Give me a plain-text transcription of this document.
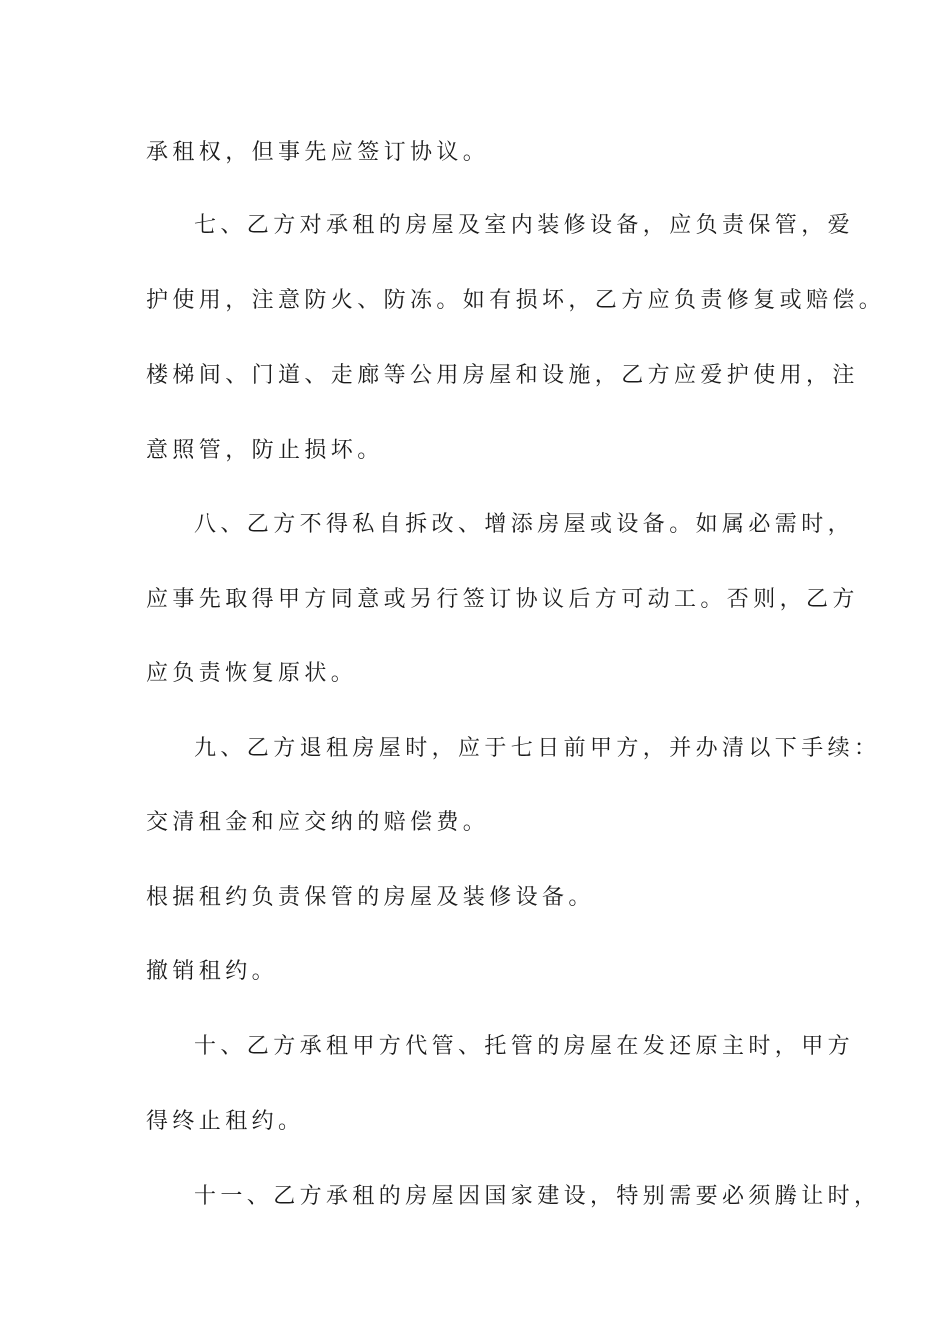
承租权，但事先应签订协议。
七、乙方对承租的房屋及室内装修设备，应负责保管，爱
护使用，注意防火、防冻。如有损坏，乙方应负责修复或赔偿。
楼梯间、门道、走廊等公用房屋和设施，乙方应爱护使用，注
意照管，防止损坏。
八、乙方不得私自拆改、增添房屋或设备。如属必需时，
应事先取得甲方同意或另行签订协议后方可动工。否则，乙方
应负责恢复原状。
九、乙方退租房屋时，应于七日前甲方，并办清以下手续：
交清租金和应交纳的赔偿费。
根据租约负责保管的房屋及装修设备。
撤销租约。
十、乙方承租甲方代管、托管的房屋在发还原主时，甲方
得终止租约。
十一、乙方承租的房屋因国家建设，特别需要必须腾让时，
